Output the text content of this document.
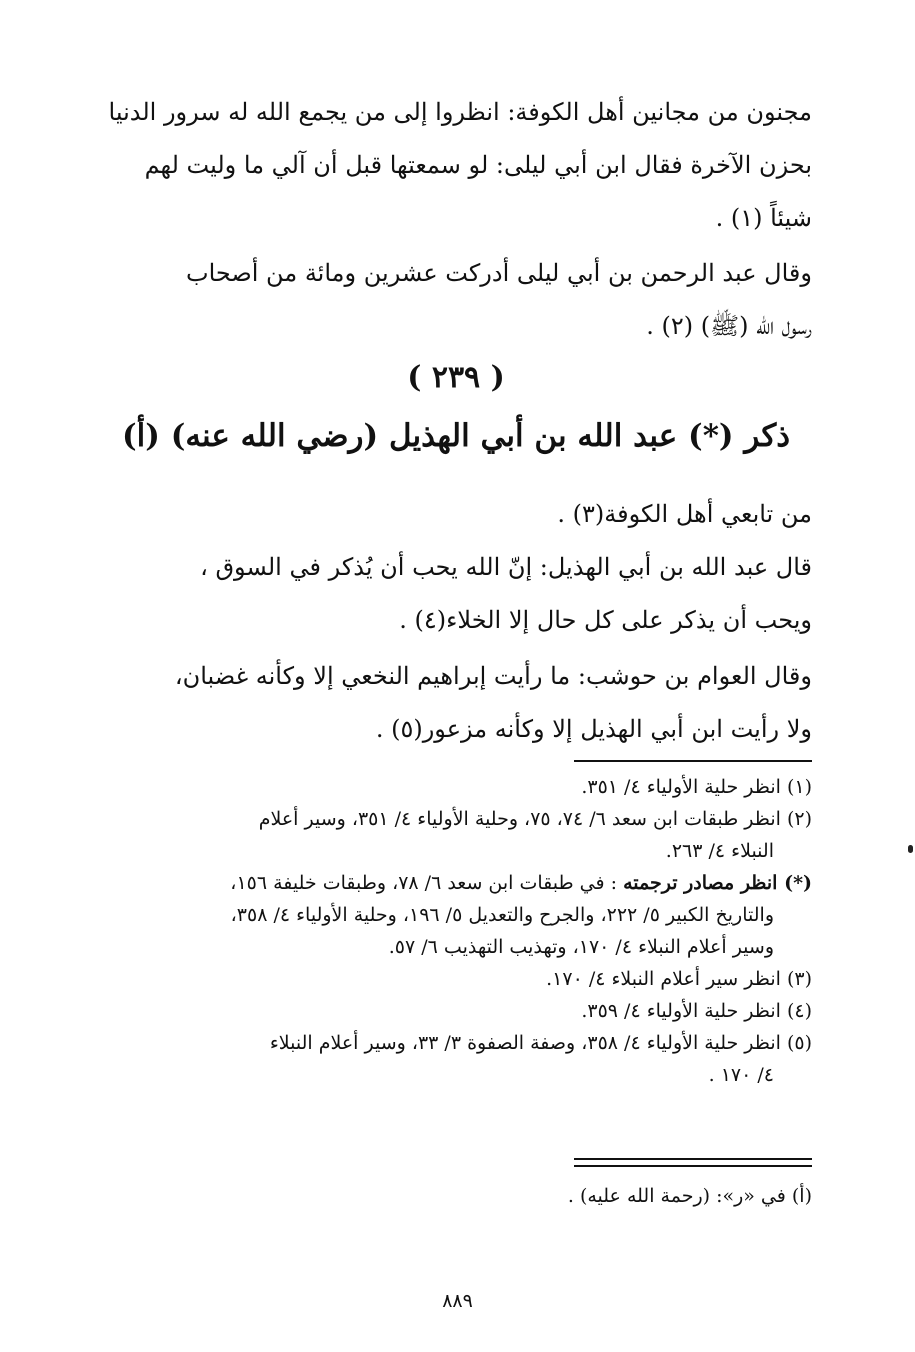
مجنون من مجانين أهل الكوفة: انظروا إلى من يجمع الله له سرور الدنيا
بحزن الآخرة فقال ابن أبي ليلى: لو سمعتها قبل أن آلي ما وليت لهم
شيئاً (١) .
وقال عبد الرحمن بن أبي ليلى أدركت عشرين ومائة من أصحاب
رسول الله (ﷺ) (٢) .
( ٢٣٩ )
ذكر (*) عبد الله بن أبي الهذيل (رضي الله عنه) (أ)
من تابعي أهل الكوفة(٣) .
قال عبد الله بن أبي الهذيل: إنّ الله يحب أن يُذكر في السوق ،
ويحب أن يذكر على كل حال إلا الخلاء(٤) .
وقال العوام بن حوشب: ما رأيت إبراهيم النخعي إلا وكأنه غضبان،
ولا رأيت ابن أبي الهذيل إلا وكأنه مزعور(٥) .
(١) انظر حلية الأولياء ٤/ ٣٥١.
(٢) انظر طبقات ابن سعد ٦/ ٧٤، ٧٥، وحلية الأولياء ٤/ ٣٥١، وسير أعلام
النبلاء ٤/ ٢٦٣.
(*) انظر مصادر ترجمته : في طبقات ابن سعد ٦/ ٧٨، وطبقات خليفة ١٥٦،
والتاريخ الكبير ٥/ ٢٢٢، والجرح والتعديل ٥/ ١٩٦، وحلية الأولياء ٤/ ٣٥٨،
وسير أعلام النبلاء ٤/ ١٧٠، وتهذيب التهذيب ٦/ ٥٧.
(٣) انظر سير أعلام النبلاء ٤/ ١٧٠.
(٤) انظر حلية الأولياء ٤/ ٣٥٩.
(٥) انظر حلية الأولياء ٤/ ٣٥٨، وصفة الصفوة ٣/ ٣٣، وسير أعلام النبلاء
٤/ ١٧٠ .
(أ) في «ر»: (رحمة الله عليه) .
٨٨٩
